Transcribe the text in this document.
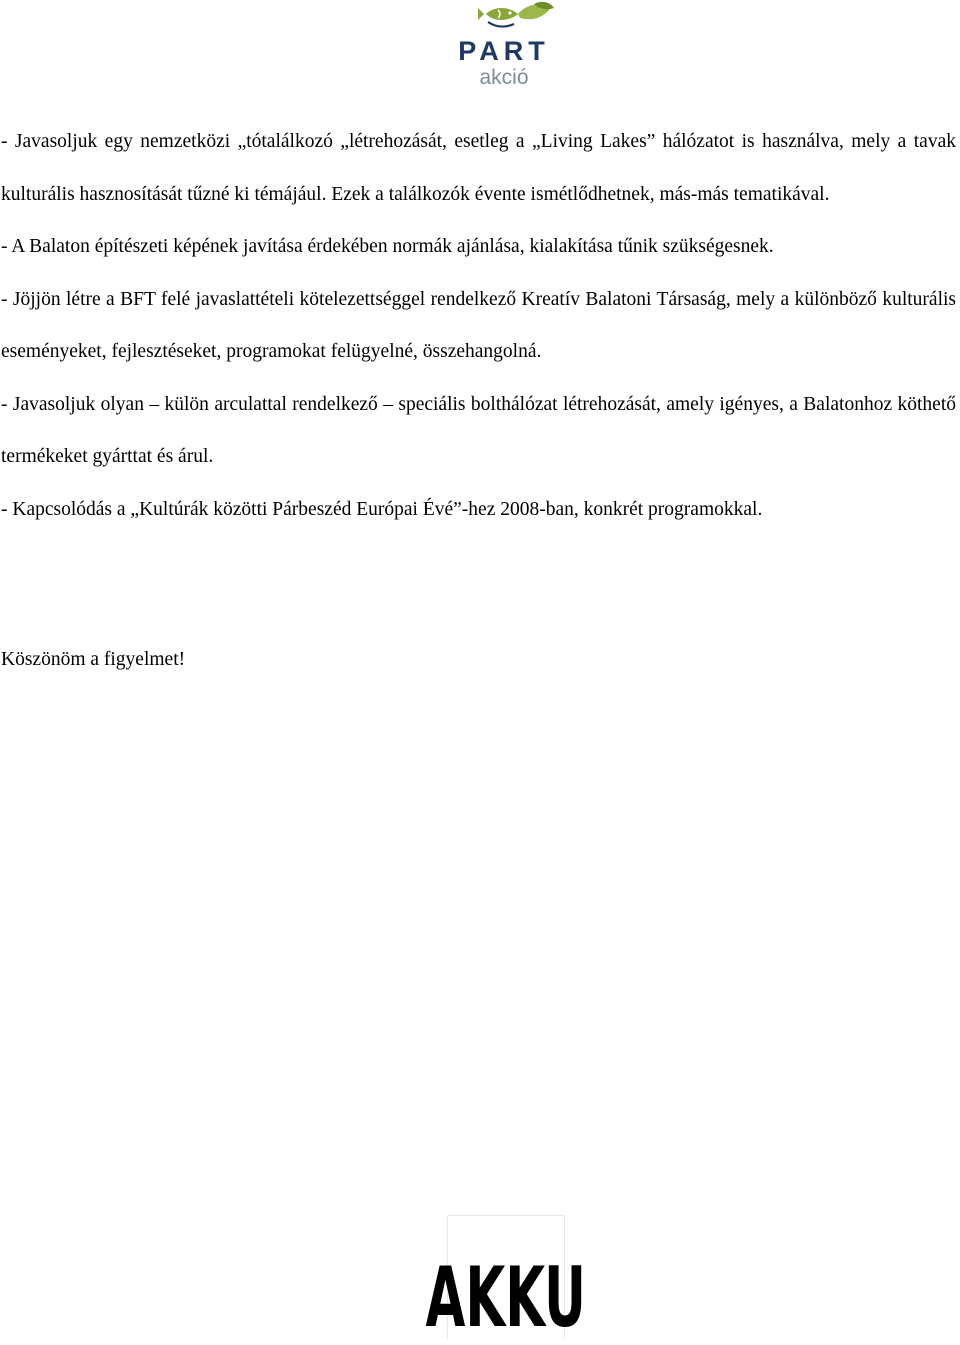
PART
akció

- Javasoljuk egy nemzetközi „tótalálkozó „létrehozását, esetleg a „Living Lakes” hálózatot is használva, mely a tavak kulturális hasznosítását tűzné ki témájául. Ezek a találkozók évente ismétlődhetnek, más-más tematikával.

- A Balaton építészeti képének javítása érdekében normák ajánlása, kialakítása tűnik szükségesnek.

- Jöjjön létre a BFT felé javaslattételi kötelezettséggel rendelkező Kreatív Balatoni Társaság, mely a különböző kulturális eseményeket, fejlesztéseket, programokat felügyelné, összehangolná.

- Javasoljuk olyan – külön arculattal rendelkező – speciális bolthálózat létrehozását, amely igényes, a Balatonhoz köthető termékeket gyárttat és árul.

- Kapcsolódás a „Kultúrák közötti Párbeszéd Európai Évé”-hez 2008-ban, konkrét programokkal.

Köszönöm a figyelmet!

AKKU
